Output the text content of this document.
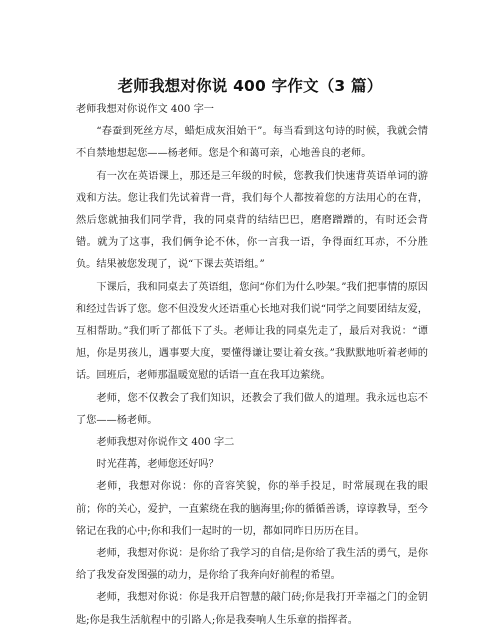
老师我想对你说 400 字作文（3 篇）

老师我想对你说作文 400 字一

“春蚕到死丝方尽，蜡炬成灰泪始干”。每当看到这句诗的时候，我就会情不自禁地想起您——杨老师。您是个和蔼可亲，心地善良的老师。

有一次在英语课上，那还是三年级的时候，您教我们快速背英语单词的游戏和方法。您让我们先试着背一背，我们每个人都按着您的方法用心的在背，然后您就抽我们同学背，我的同桌背的结结巴巴，磨磨蹭蹭的，有时还会背错。就为了这事，我们俩争论不休，你一言我一语，争得面红耳赤，不分胜负。结果被您发现了，说“下课去英语组。”

下课后，我和同桌去了英语组，您问“你们为什么吵架。”我们把事情的原因和经过告诉了您。您不但没发火还语重心长地对我们说“同学之间要团结友爱，互相帮助。”我们听了都低下了头。老师让我的同桌先走了，最后对我说：“谭旭，你是男孩儿，遇事要大度，要懂得谦让要让着女孩。”我默默地听着老师的话。回班后，老师那温暖宽慰的话语一直在我耳边萦绕。

老师，您不仅教会了我们知识，还教会了我们做人的道理。我永远也忘不了您——杨老师。

老师我想对你说作文 400 字二

时光荏苒，老师您还好吗？

老师，我想对你说：你的音容笑貌，你的举手投足，时常展现在我的眼前；你的关心，爱护，一直萦绕在我的脑海里;你的循循善诱，谆谆教导，至今铭记在我的心中;你和我们一起时的一切，都如同昨日历历在目。

老师，我想对你说：是你给了我学习的自信;是你给了我生活的勇气，是你给了我发奋发图强的动力，是你给了我奔向好前程的希望。

老师，我想对你说：你是我开启智慧的敲门砖;你是我打开幸福之门的金钥匙;你是我生活航程中的引路人;你是我奏响人生乐章的指挥者。
